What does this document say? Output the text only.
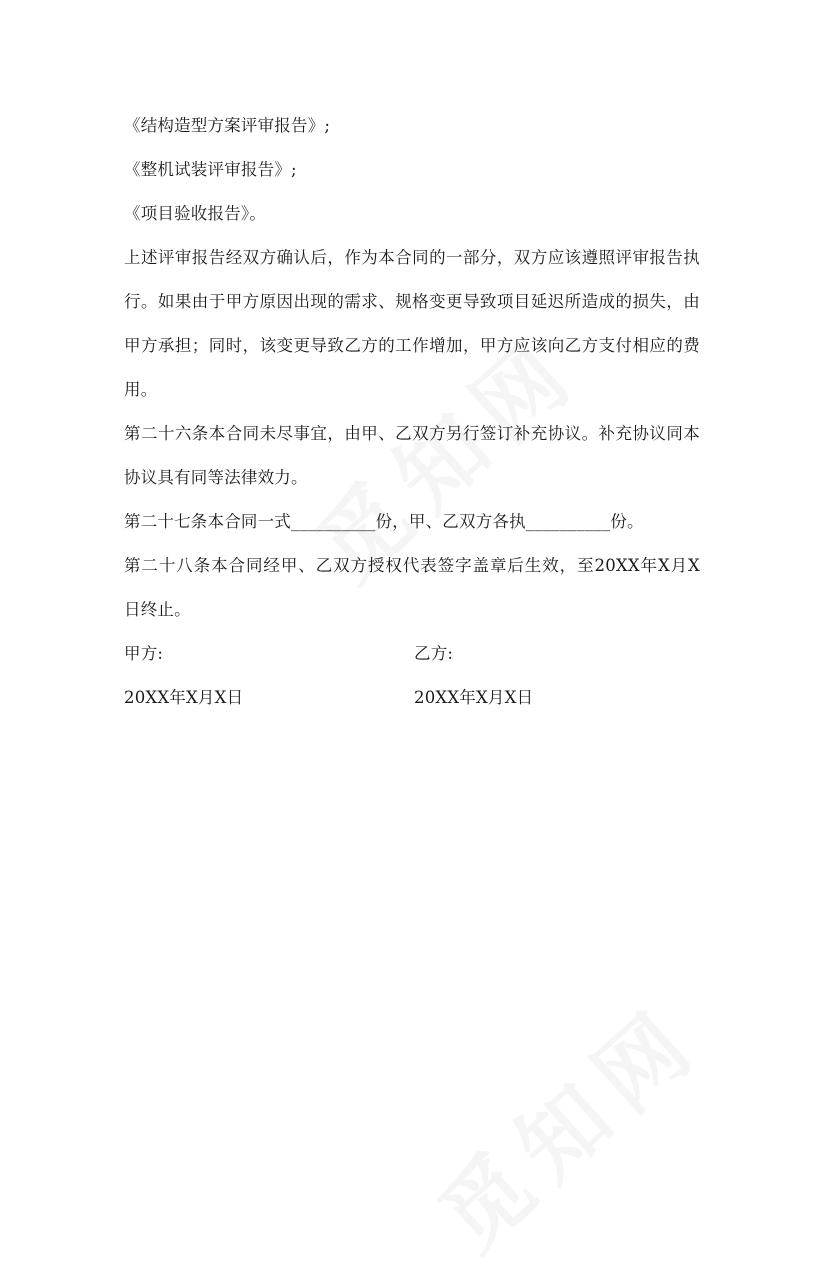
《结构造型方案评审报告》;
《整机试装评审报告》;
《项目验收报告》。
上述评审报告经双方确认后，作为本合同的一部分，双方应该遵照评审报告执
行。如果由于甲方原因出现的需求、规格变更导致项目延迟所造成的损失，由
甲方承担；同时，该变更导致乙方的工作增加，甲方应该向乙方支付相应的费
用。
第二十六条本合同未尽事宜，由甲、乙双方另行签订补充协议。补充协议同本
协议具有同等法律效力。
第二十七条本合同一式__________份，甲、乙双方各执__________份。
第二十八条本合同经甲、乙双方授权代表签字盖章后生效，至20XX年X月X
日终止。
甲方:	乙方:
20XX年X月X日	20XX年X月X日
